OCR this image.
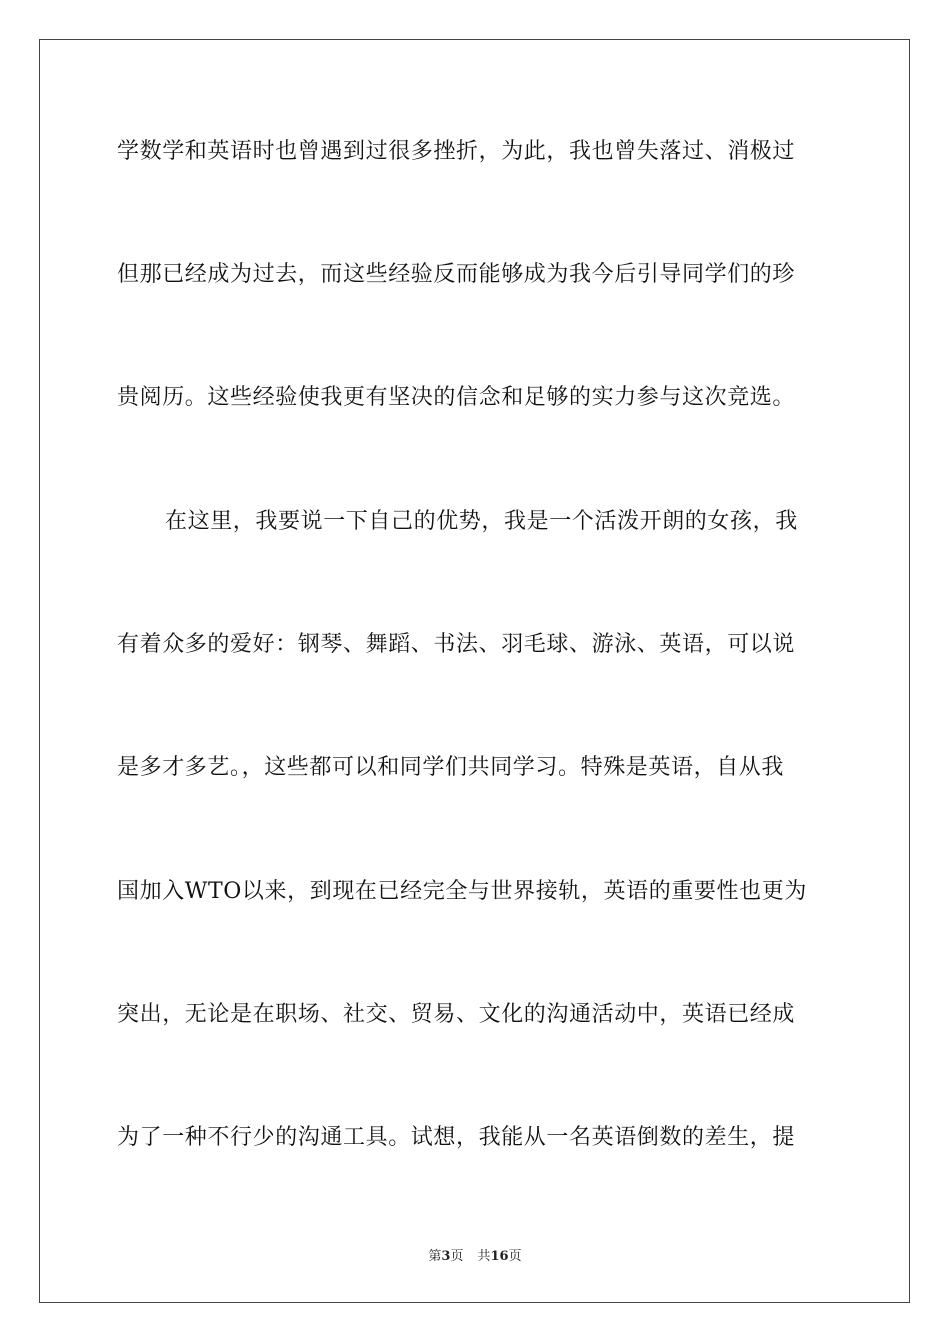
学数学和英语时也曾遇到过很多挫折，为此，我也曾失落过、消极过
但那已经成为过去，而这些经验反而能够成为我今后引导同学们的珍
贵阅历。这些经验使我更有坚决的信念和足够的实力参与这次竞选。
在这里，我要说一下自己的优势，我是一个活泼开朗的女孩，我
有着众多的爱好：钢琴、舞蹈、书法、羽毛球、游泳、英语，可以说
是多才多艺。，这些都可以和同学们共同学习。特殊是英语，自从我
国加入WTO以来，到现在已经完全与世界接轨，英语的重要性也更为
突出，无论是在职场、社交、贸易、文化的沟通活动中，英语已经成
为了一种不行少的沟通工具。试想，我能从一名英语倒数的差生，提
第3页 共16页
